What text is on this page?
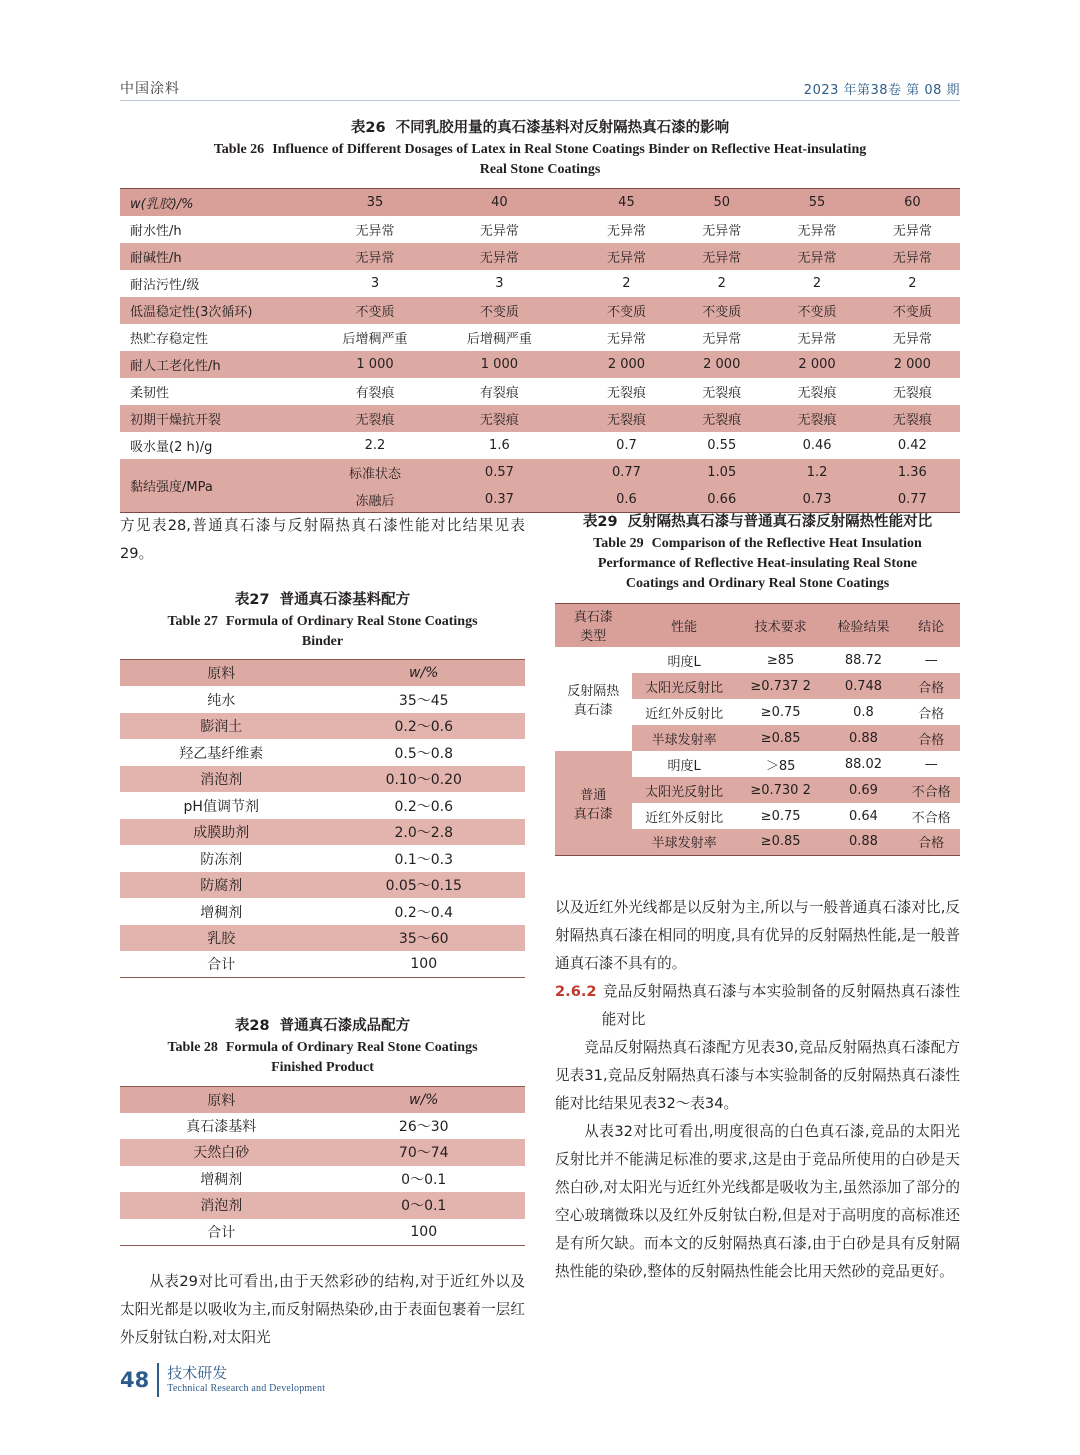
中国涂料	2023 年第38卷 第 08 期
表26 不同乳胶用量的真石漆基料对反射隔热真石漆的影响
Table 26 Influence of Different Dosages of Latex in Real Stone Coatings Binder on Reflective Heat-insulating
Real Stone Coatings
w(乳胶)/%	35	40	45	50	55	60
耐水性/h	无异常	无异常	无异常	无异常	无异常	无异常
耐碱性/h	无异常	无异常	无异常	无异常	无异常	无异常
耐沾污性/级	3	3	2	2	2	2
低温稳定性(3次循环)	不变质	不变质	不变质	不变质	不变质	不变质
热贮存稳定性	后增稠严重	后增稠严重	无异常	无异常	无异常	无异常
耐人工老化性/h	1 000	1 000	2 000	2 000	2 000	2 000
柔韧性	有裂痕	有裂痕	无裂痕	无裂痕	无裂痕	无裂痕
初期干燥抗开裂	无裂痕	无裂痕	无裂痕	无裂痕	无裂痕	无裂痕
吸水量(2 h)/g	2.2	1.6	0.7	0.55	0.46	0.42
黏结强度/MPa	标准状态	0.57	0.77	1.05	1.2	1.36
	冻融后	0.37	0.6	0.66	0.73	0.77

方见表28,普通真石漆与反射隔热真石漆性能对比结果见表29。

表27 普通真石漆基料配方
Table 27 Formula of Ordinary Real Stone Coatings
Binder
原料	w/%
纯水	35～45
膨润土	0.2～0.6
羟乙基纤维素	0.5～0.8
消泡剂	0.10～0.20
pH值调节剂	0.2～0.6
成膜助剂	2.0～2.8
防冻剂	0.1～0.3
防腐剂	0.05～0.15
增稠剂	0.2～0.4
乳胶	35～60
合计	100
表28 普通真石漆成品配方
Table 28 Formula of Ordinary Real Stone Coatings
Finished Product
原料	w/%
真石漆基料	26～30
天然白砂	70～74
增稠剂	0～0.1
消泡剂	0～0.1
合计	100

从表29对比可看出,由于天然彩砂的结构,对于近红外以及太阳光都是以吸收为主,而反射隔热染砂,由于表面包裹着一层红外反射钛白粉,对太阳光

表29 反射隔热真石漆与普通真石漆反射隔热性能对比
Table 29 Comparison of the Reflective Heat Insulation
Performance of Reflective Heat-insulating Real Stone
Coatings and Ordinary Real Stone Coatings
真石漆
类型	性能	技术要求	检验结果	结论

反射隔热
真石漆	明度L	≥85	88.72	—
	太阳光反射比	≥0.737 2	0.748	合格
	近红外反射比	≥0.75	0.8	合格
	半球发射率	≥0.85	0.88	合格

普通
真石漆	明度L	＞85	88.02	—
	太阳光反射比	≥0.730 2	0.69	不合格
	近红外反射比	≥0.75	0.64	不合格
	半球发射率	≥0.85	0.88	合格

以及近红外光线都是以反射为主,所以与一般普通真石漆对比,反射隔热真石漆在相同的明度,具有优异的反射隔热性能,是一般普通真石漆不具有的。

2.6.2 竞品反射隔热真石漆与本实验制备的反射隔热真石漆性能对比

竞品反射隔热真石漆配方见表30,竞品反射隔热真石漆配方见表31,竞品反射隔热真石漆与本实验制备的反射隔热真石漆性能对比结果见表32～表34。

从表32对比可看出,明度很高的白色真石漆,竞品的太阳光反射比并不能满足标准的要求,这是由于竞品所使用的白砂是天然白砂,对太阳光与近红外光线都是吸收为主,虽然添加了部分的空心玻璃微珠以及红外反射钛白粉,但是对于高明度的高标准还是有所欠缺。而本文的反射隔热真石漆,由于白砂是具有反射隔热性能的染砂,整体的反射隔热性能会比用天然砂的竞品更好。

48 技术研发
Technical Research and Development
